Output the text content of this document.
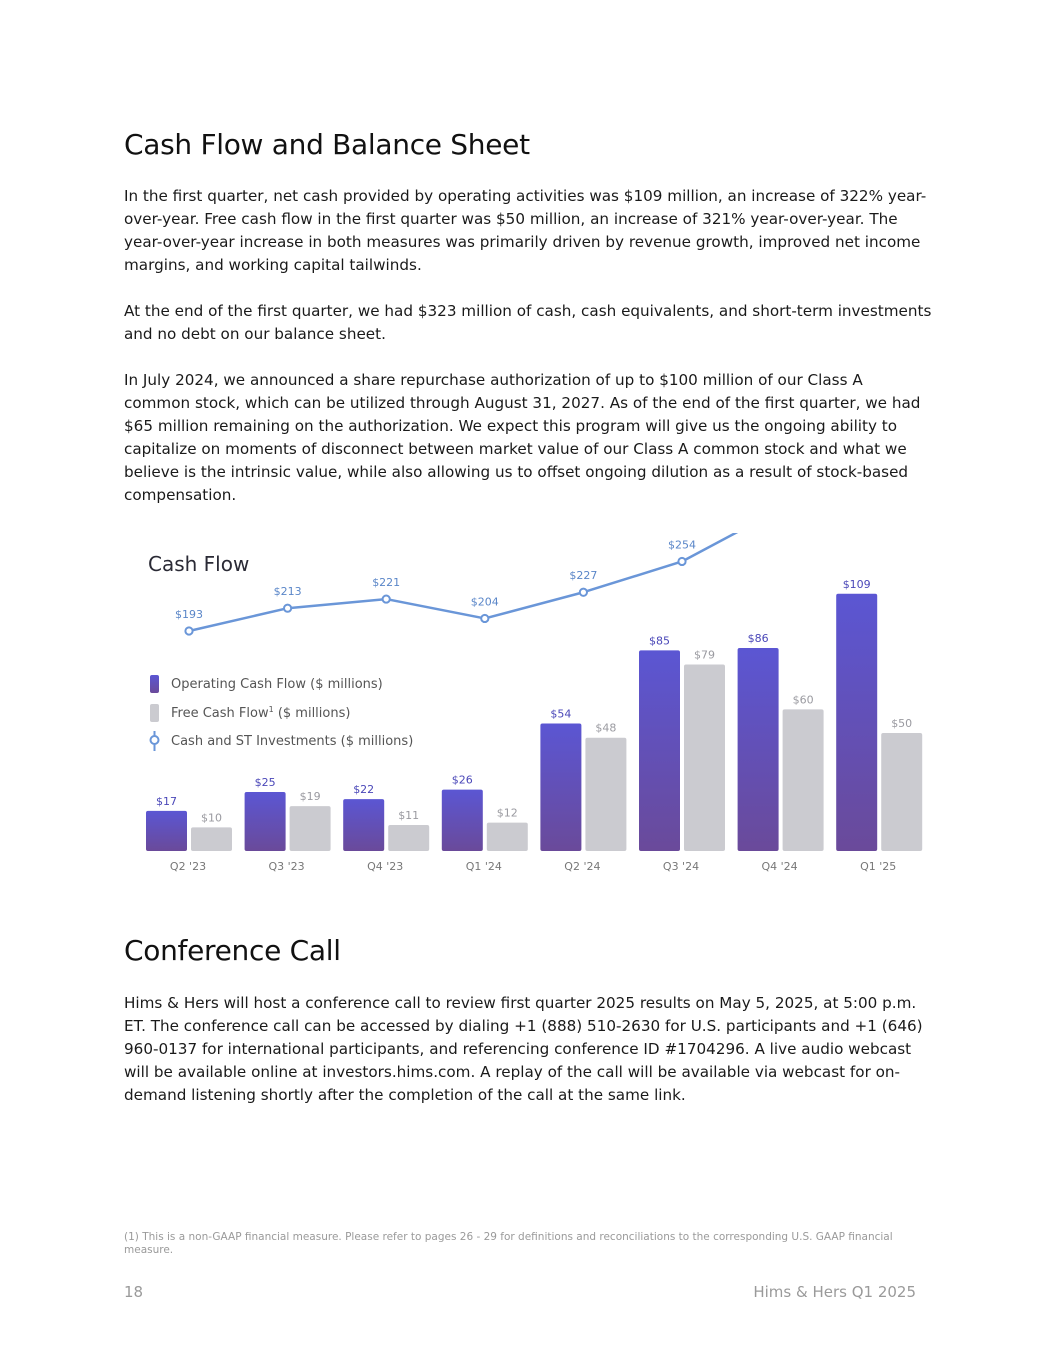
Cash Flow and Balance Sheet

In the first quarter, net cash provided by operating activities was $109 million, an increase of 322% year-over-year. Free cash flow in the first quarter was $50 million, an increase of 321% year-over-year. The year-over-year increase in both measures was primarily driven by revenue growth, improved net income margins, and working capital tailwinds.

At the end of the first quarter, we had $323 million of cash, cash equivalents, and short-term investments and no debt on our balance sheet.

In July 2024, we announced a share repurchase authorization of up to $100 million of our Class A common stock, which can be utilized through August 31, 2027. As of the end of the first quarter, we had $65 million remaining on the authorization. We expect this program will give us the ongoing ability to capitalize on moments of disconnect between market value of our Class A common stock and what we believe is the intrinsic value, while also allowing us to offset ongoing dilution as a result of stock-based compensation.

Cash Flow
Operating Cash Flow ($ millions)
Free Cash Flow$^1$ ($ millions)
Cash and ST Investments ($ millions)
$17
$10
$25
$19
$22
$11
$26
$12
$54
$48
$85
$79
$86
$60
$109
$50
$193
$213
$221
$204
$227
$254
Q2 '23	Q3 '23	Q4 '23	Q1 '24	Q2 '24	Q3 '24	Q4 '24	Q1 '25
Conference Call

Hims & Hers will host a conference call to review first quarter 2025 results on May 5, 2025, at 5:00 p.m. ET. The conference call can be accessed by dialing +1 (888) 510-2630 for U.S. participants and +1 (646) 960-0137 for international participants, and referencing conference ID #1704296. A live audio webcast will be available online at investors.hims.com. A replay of the call will be available via webcast for on-demand listening shortly after the completion of the call at the same link.

(1) This is a non-GAAP financial measure. Please refer to pages 26 - 29 for definitions and reconciliations to the corresponding U.S. GAAP financial measure.
18	Hims & Hers Q1 2025
